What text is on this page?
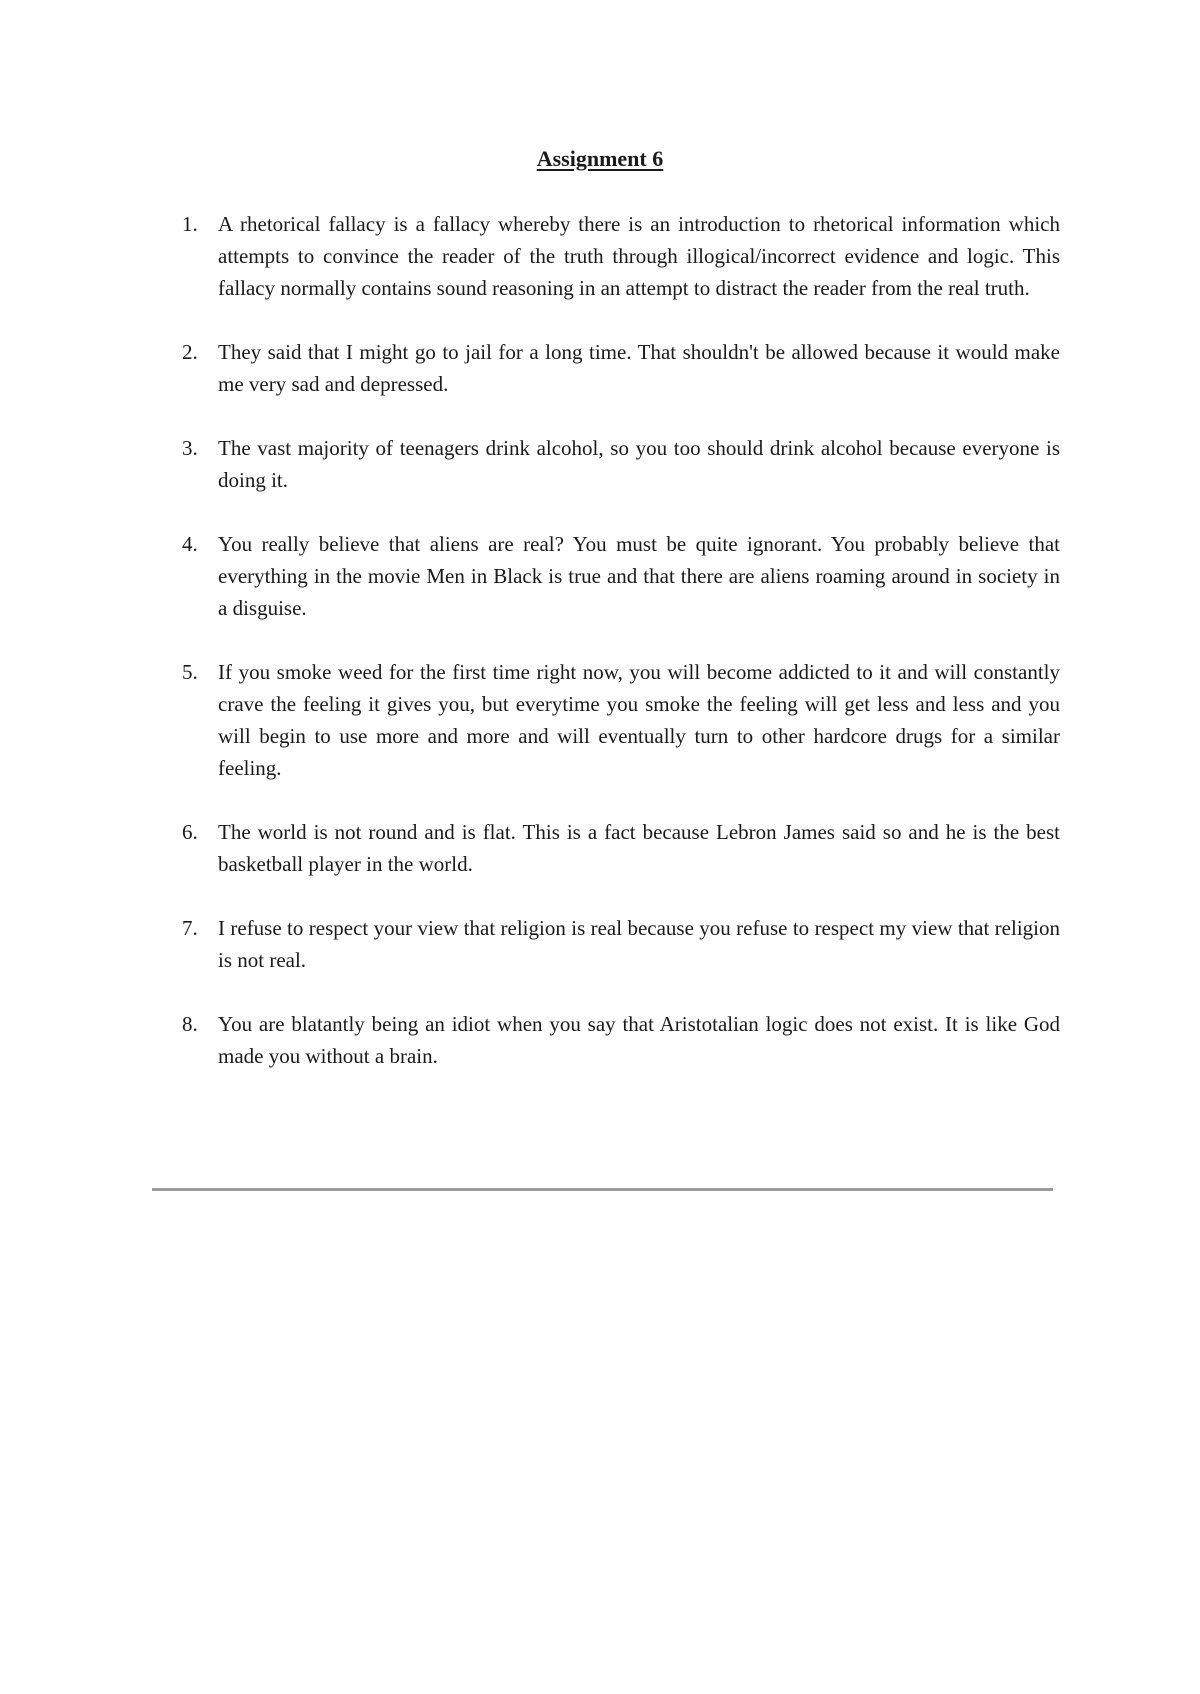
Assignment 6
1. A rhetorical fallacy is a fallacy whereby there is an introduction to rhetorical information which attempts to convince the reader of the truth through illogical/incorrect evidence and logic. This fallacy normally contains sound reasoning in an attempt to distract the reader from the real truth.
2. They said that I might go to jail for a long time. That shouldn't be allowed because it would make me very sad and depressed.
3. The vast majority of teenagers drink alcohol, so you too should drink alcohol because everyone is doing it.
4. You really believe that aliens are real? You must be quite ignorant. You probably believe that everything in the movie Men in Black is true and that there are aliens roaming around in society in a disguise.
5. If you smoke weed for the first time right now, you will become addicted to it and will constantly crave the feeling it gives you, but everytime you smoke the feeling will get less and less and you will begin to use more and more and will eventually turn to other hardcore drugs for a similar feeling.
6. The world is not round and is flat. This is a fact because Lebron James said so and he is the best basketball player in the world.
7. I refuse to respect your view that religion is real because you refuse to respect my view that religion is not real.
8. You are blatantly being an idiot when you say that Aristotalian logic does not exist. It is like God made you without a brain.
